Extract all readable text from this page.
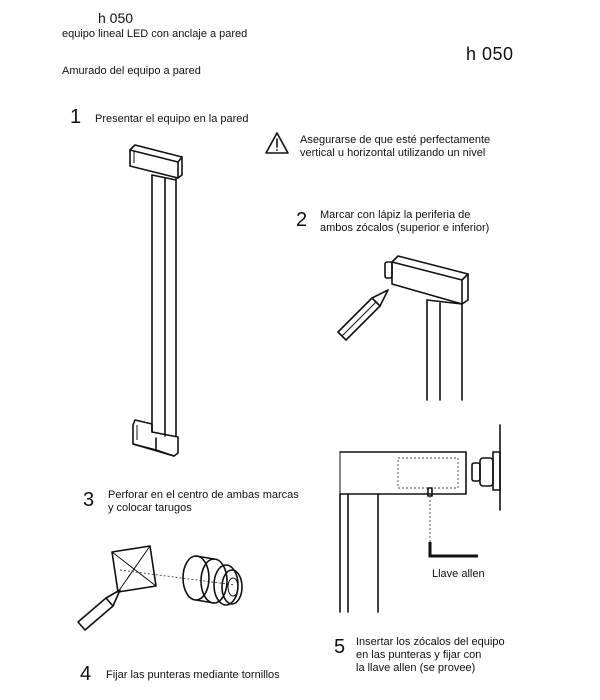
h 050
equipo lineal LED con anclaje a pared
h 050
Amurado del equipo a pared
1 Presentar el equipo en la pared
Asegurarse de que esté perfectamente
vertical u horizontal utilizando un nivel
2 Marcar con lápiz la periferia de
ambos zócalos (superior e inferior)
3 Perforar en el centro de ambas marcas
y colocar tarugos
4 Fijar las punteras mediante tornillos
5 Insertar los zócalos del equipo
en las punteras y fijar con
la llave allen (se provee)
Llave allen
